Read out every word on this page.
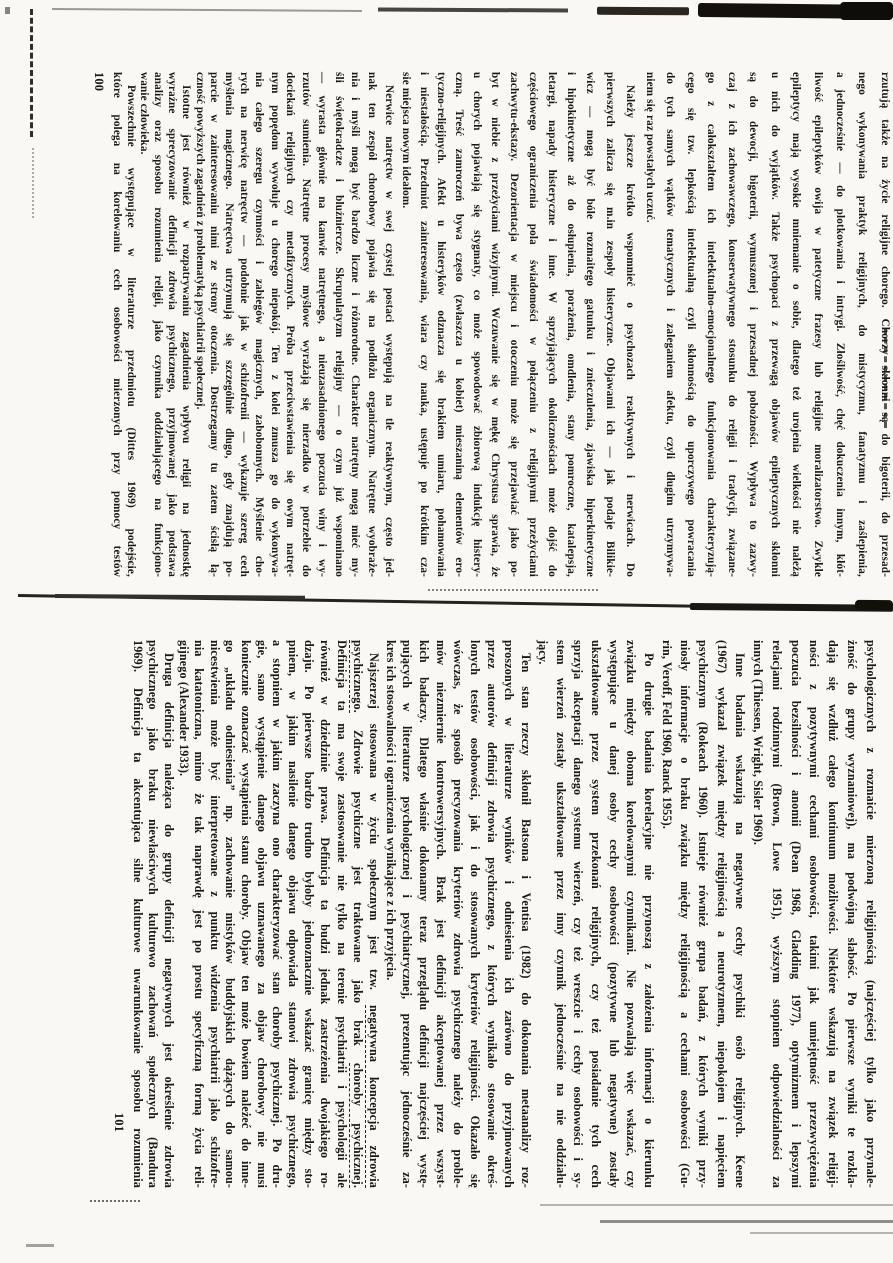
rzutują także na życie religijne chorego. Chorzy skłonni są do bigoterii, do przesad-
nego wykonywania praktyk religijnych, do mistycyzmu, fanatyzmu i zaślepienia,
a jednocześnie — do plotkowania i intrygi. Złośliwość, chęć dokuczenia innym, kłót-
liwość epileptyków owija w patetyczne frazesy lub religijne moralizatorstwo. Zwykle
epileptycy mają wysokie mniemanie o sobie, dlatego też urojenia wielkości nie należą
u nich do wyjątków. Także psychopaci z przewagą objawów epileptycznych skłonni
są do dewocji, bigoterii, wymuszonej i przesadnej pobożności. Wypływa to zazwy-
czaj z ich zachowawczego, konserwatywnego stosunku do religii i tradycji, związane-
go z całokształtem ich intelektualno-emocjonalnego funkcjonowania charakteryzują-
cego się tzw. lepkością intelektualną czyli skłonnością do uporczywego powracania
do tych samych wątków tematycznych i zaleganiem afektu, czyli długim utrzymywa-
niem się raz powstałych uczuć.
Należy jeszcze krótko wspomnieć o psychozach reaktywnych i nerwicach. Do
pierwszych zalicza się m.in zespoły histeryczne. Objawami ich — jak podaje Bilikie-
wicz — mogą być bóle rozmaitego gatunku i znieczulenia, zjawiska hiperkinetyczne
i hipokinetyczne aż do osłupienia, porażenia, omdlenia, stany pomroczne, katalepsja,
letargi, napady histeryczne i inne. W sprzyjających okolicznościach może dojść do
częściowego ograniczenia pola świadomości w połączeniu z religijnymi przeżyciami
zachwytu-ekstazy. Dezorientacja w miejscu i otoczeniu może się przejawiać jako po-
byt w niebie z przeżyciami wizyjnymi. Wczuwanie się w mękę Chrystusa sprawia, że
u chorych pojawiają się stygmaty, co może spowodować zbiorową indukcję histery-
czną. Treść zamroczeń bywa często (zwłaszcza u kobiet) mieszaniną elementów ero-
tyczno-religijnych. Afekt u histeryków odznacza się brakiem umiaru, pohamowania
i niestałością. Przedmiot zainteresowania, wiara czy nauka, ustępuje po krótkim cza-
sie miejsca nowym ideałom.
Nerwice natręctw w swej czystej postaci występują na tle reaktywnym, często jed-
nak ten zespół chorobowy pojawia się na podłożu organicznym. Natrętne wyobraże-
nia i myśli mogą być bardzo liczne i różnorodne. Charakter natrętny mogą mieć my-
śli świętokradcze i bluźniercze. Skrupulatyzm religijny — o czym już wspominano
— wyrasta głównie na kanwie natrętnego, a nieuzasadnionego poczucia winy i wy-
rzutów sumienia. Natrętne procesy myślowe wyrażają się nierzadko w potrzebie do
dociekań religijnych czy metafizycznych. Próba przeciwstawienia się owym natręt-
nym popędom wywołuje u chorego niepokój. Ten z kolei zmusza go do wykonywa-
nia całego szeregu czynności i zabiegów magicznych, zabobonnych. Myślenie cho-
rych na nerwicę natręctw — podobnie jak w schizofrenii — wykazuje szereg cech
myślenia magicznego. Natręctwa utrzymują się szczególnie długo, gdy znajdują po-
parcie w zainteresowaniu nimi ze strony otoczenia. Dostrzegamy tu zatem ścisłą łą-
czność powyższych zagadnień z problematyką psychiatrii społecznej.
Istotne jest również w rozpatrywaniu zagadnienia wpływu religii na jednostkę
wyraźne sprecyzowanie definicji zdrowia psychicznego, przyjmowanej jako podstawa
analizy oraz sposobu rozumienia religii, jako czynnika oddziałującego na funkcjono-
wanie człowieka.
Powszechnie występujące w literaturze przedmiotu (Dittes 1969) podejście,
które polega na korelowaniu cech osobowości mierzonych przy pomocy testów
100
psychologicznych z rozmaicie mierzoną religijnością (najczęściej tylko jako przynale-
żność do grupy wyznaniowej), ma podwójną słabość. Po pierwsze wyniki te rozkła-
dają się wzdłuż całego kontinuum możliwości. Niektóre wskazują na związek religij-
ności z pozytywnymi cechami osobowości, takimi jak umiejętność przezwyciężenia
poczucia bezsilności i anomii (Dean 1968, Gladding 1977), optymizmem i lepszymi
relacjami rodzinnymi (Brown, Lowe 1951), wyższym stopniem odpowiedzialności za
innych (Thiessen, Wright, Sisler 1969).
Inne badania wskazują na negatywne cechy psychiki osób religijnych. Keene
(1967) wykazał związek między religijnością a neurotyzmem, niepokojem i napięciem
psychicznym (Rokeach 1960). Istnieje również grupa badań, z których wyniki przy-
niosły informacje o braku związku między religijnością a cechami osobowości (Gu-
rin, Veroff, Feld 1960, Ranck 1955).
Po drugie badania korelacyjne nie przynoszą z założenia informacji o kierunku
związku między oboma korelowanymi czynnikami. Nie pozwalają więc wskazać, czy
występujące u danej osoby cechy osobowości (pozytywne lub negatywne) zostały
ukształtowane przez system przekonań religijnych, czy też posiadanie tych cech
sprzyja akceptacji danego systemu wierzeń, czy też wreszcie i cechy osobowości i sy-
stem wierzeń zostały ukształtowane przez inny czynnik jednocześnie na nie oddziału-
jący.
Ten stan rzeczy skłonił Batsona i Ventisa (1982) do dokonania metaanalizy roz-
proszonych w literaturze wyników i odniesienia ich zarówno do przyjmowanych
przez autorów definicji zdrowia psychicznego, z których wynikało stosowanie okreś-
lonych testów osobowości, jak i do stosowanych kryteriów religijności. Okazało się
wówczas, że sposób precyzowania kryteriów zdrowia psychicznego należy do proble-
mów niezmiernie kontrowersyjnych. Brak jest definicji akceptowanej przez wszyst-
kich badaczy. Dlatego właśnie dokonamy teraz przeglądu definicji najczęściej wystę-
pujących w literaturze psychologicznej i psychiatrycznej, prezentując jednocześnie za-
kres ich stosowalności i ograniczenia wynikające z ich przyjęcia.
Najszerzej stosowana w życiu społecznym jest tzw. negatywna koncepcja zdrowia
psychicznego. Zdrowie psychiczne jest traktowane jako brak choroby psychicznej.
Definicja ta ma swoje zastosowanie nie tylko na terenie psychiatrii i psychologii ale
również w dziedzinie prawa. Definicja ta budzi jednak zastrzeżenia dwojakiego ro-
dzaju. Po pierwsze bardzo trudno byłoby jednoznacznie wskazać granicę między sto-
pniem, w jakim nasilenie danego objawu odpowiada stanowi zdrowia psychicznego,
a stopniem w jakim zaczyna ono charakteryzować stan choroby psychicznej. Po dru-
gie, samo wystąpienie danego objawu uznawanego za objaw chorobowy nie musi
koniecznie oznaczać wystąpienia stanu choroby. Objaw ten może bowiem należeć do inne-
go „układu odniesienia” np. zachowanie mistyków buddyjskich dążących do samou-
nicestwienia może być interpretowane z punktu widzenia psychiatrii jako schizofre-
nia katatoniczna, mimo że tak naprawdę jest po prostu specyficzną formą życia reli-
gijnego (Alexander 1933).
Druga definicja należąca do grupy definicji negatywnych jest określenie zdrowia
psychicznego jako braku niewłaściwych kulturowo zachowań społecznych (Bandura
1969). Definicja ta akcentująca silne kulturowe uwarunkowanie sposobu rozumienia
101
